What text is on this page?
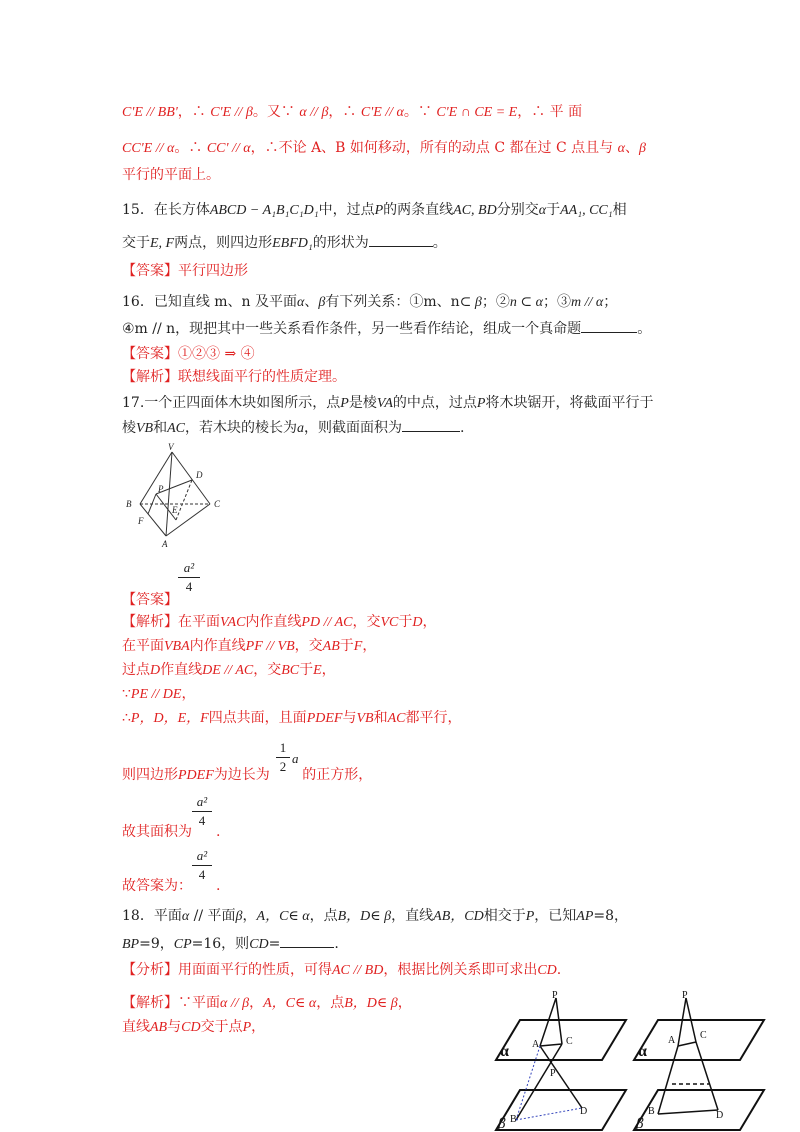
C'E // BB'，∴ C'E // β。又∵ α // β，∴ C'E // α。∵ C'E ∩ CE = E，∴ 平 面
CC'E // α。∴ CC' // α，∴不论 A、B 如何移动，所有的动点 C 都在过 C 点且与 α、β
平行的平面上。
15．在长方体ABCD − A₁B₁C₁D₁中，过点P的两条直线AC, BD分别交α于AA₁, CC₁相
交于E, F两点，则四边形EBFD₁的形状为	。
【答案】平行四边形
16．已知直线 m、n 及平面α、β有下列关系：①m、n⊂ β；②n ⊂ α；③m // α；
④m // n，现把其中一些关系看作条件，另一些看作结论，组成一个真命题	。
【答案】①②③ ⇒ ④
【解析】联想线面平行的性质定理。
17.一个正四面体木块如图所示，点P是棱VA的中点，过点P将木块锯开，将截面平行于
棱VB和AC，若木块的棱长为a，则截面面积为	.
V
D
P
B	C
E
F
A
【答案】
a²
4
【解析】在平面VAC内作直线PD // AC，交VC于D，
在平面VBA内作直线PF // VB，交AB于F，
过点D作直线DE // AC，交BC于E，
∵PE // DE，
∴P，D，E，F四点共面，且面PDEF与VB和AC都平行，
则四边形PDEF为边长为 的正方形，
1
2
a
故其面积为 .
a²
4
故答案为： .
a²
4
18．平面α // 平面β，A，C∈ α，点B，D∈ β，直线AB，CD相交于P，已知AP=8，
BP=9，CP=16，则CD=	.
【分析】用面面平行的性质，可得AC // BD，根据比例关系即可求出CD.
【解析】∵平面α // β，A，C∈ α，点B，D∈ β，
直线AB与CD交于点P，
P
A	C
P
α
β B
D
P
A C
α
β
B	D
